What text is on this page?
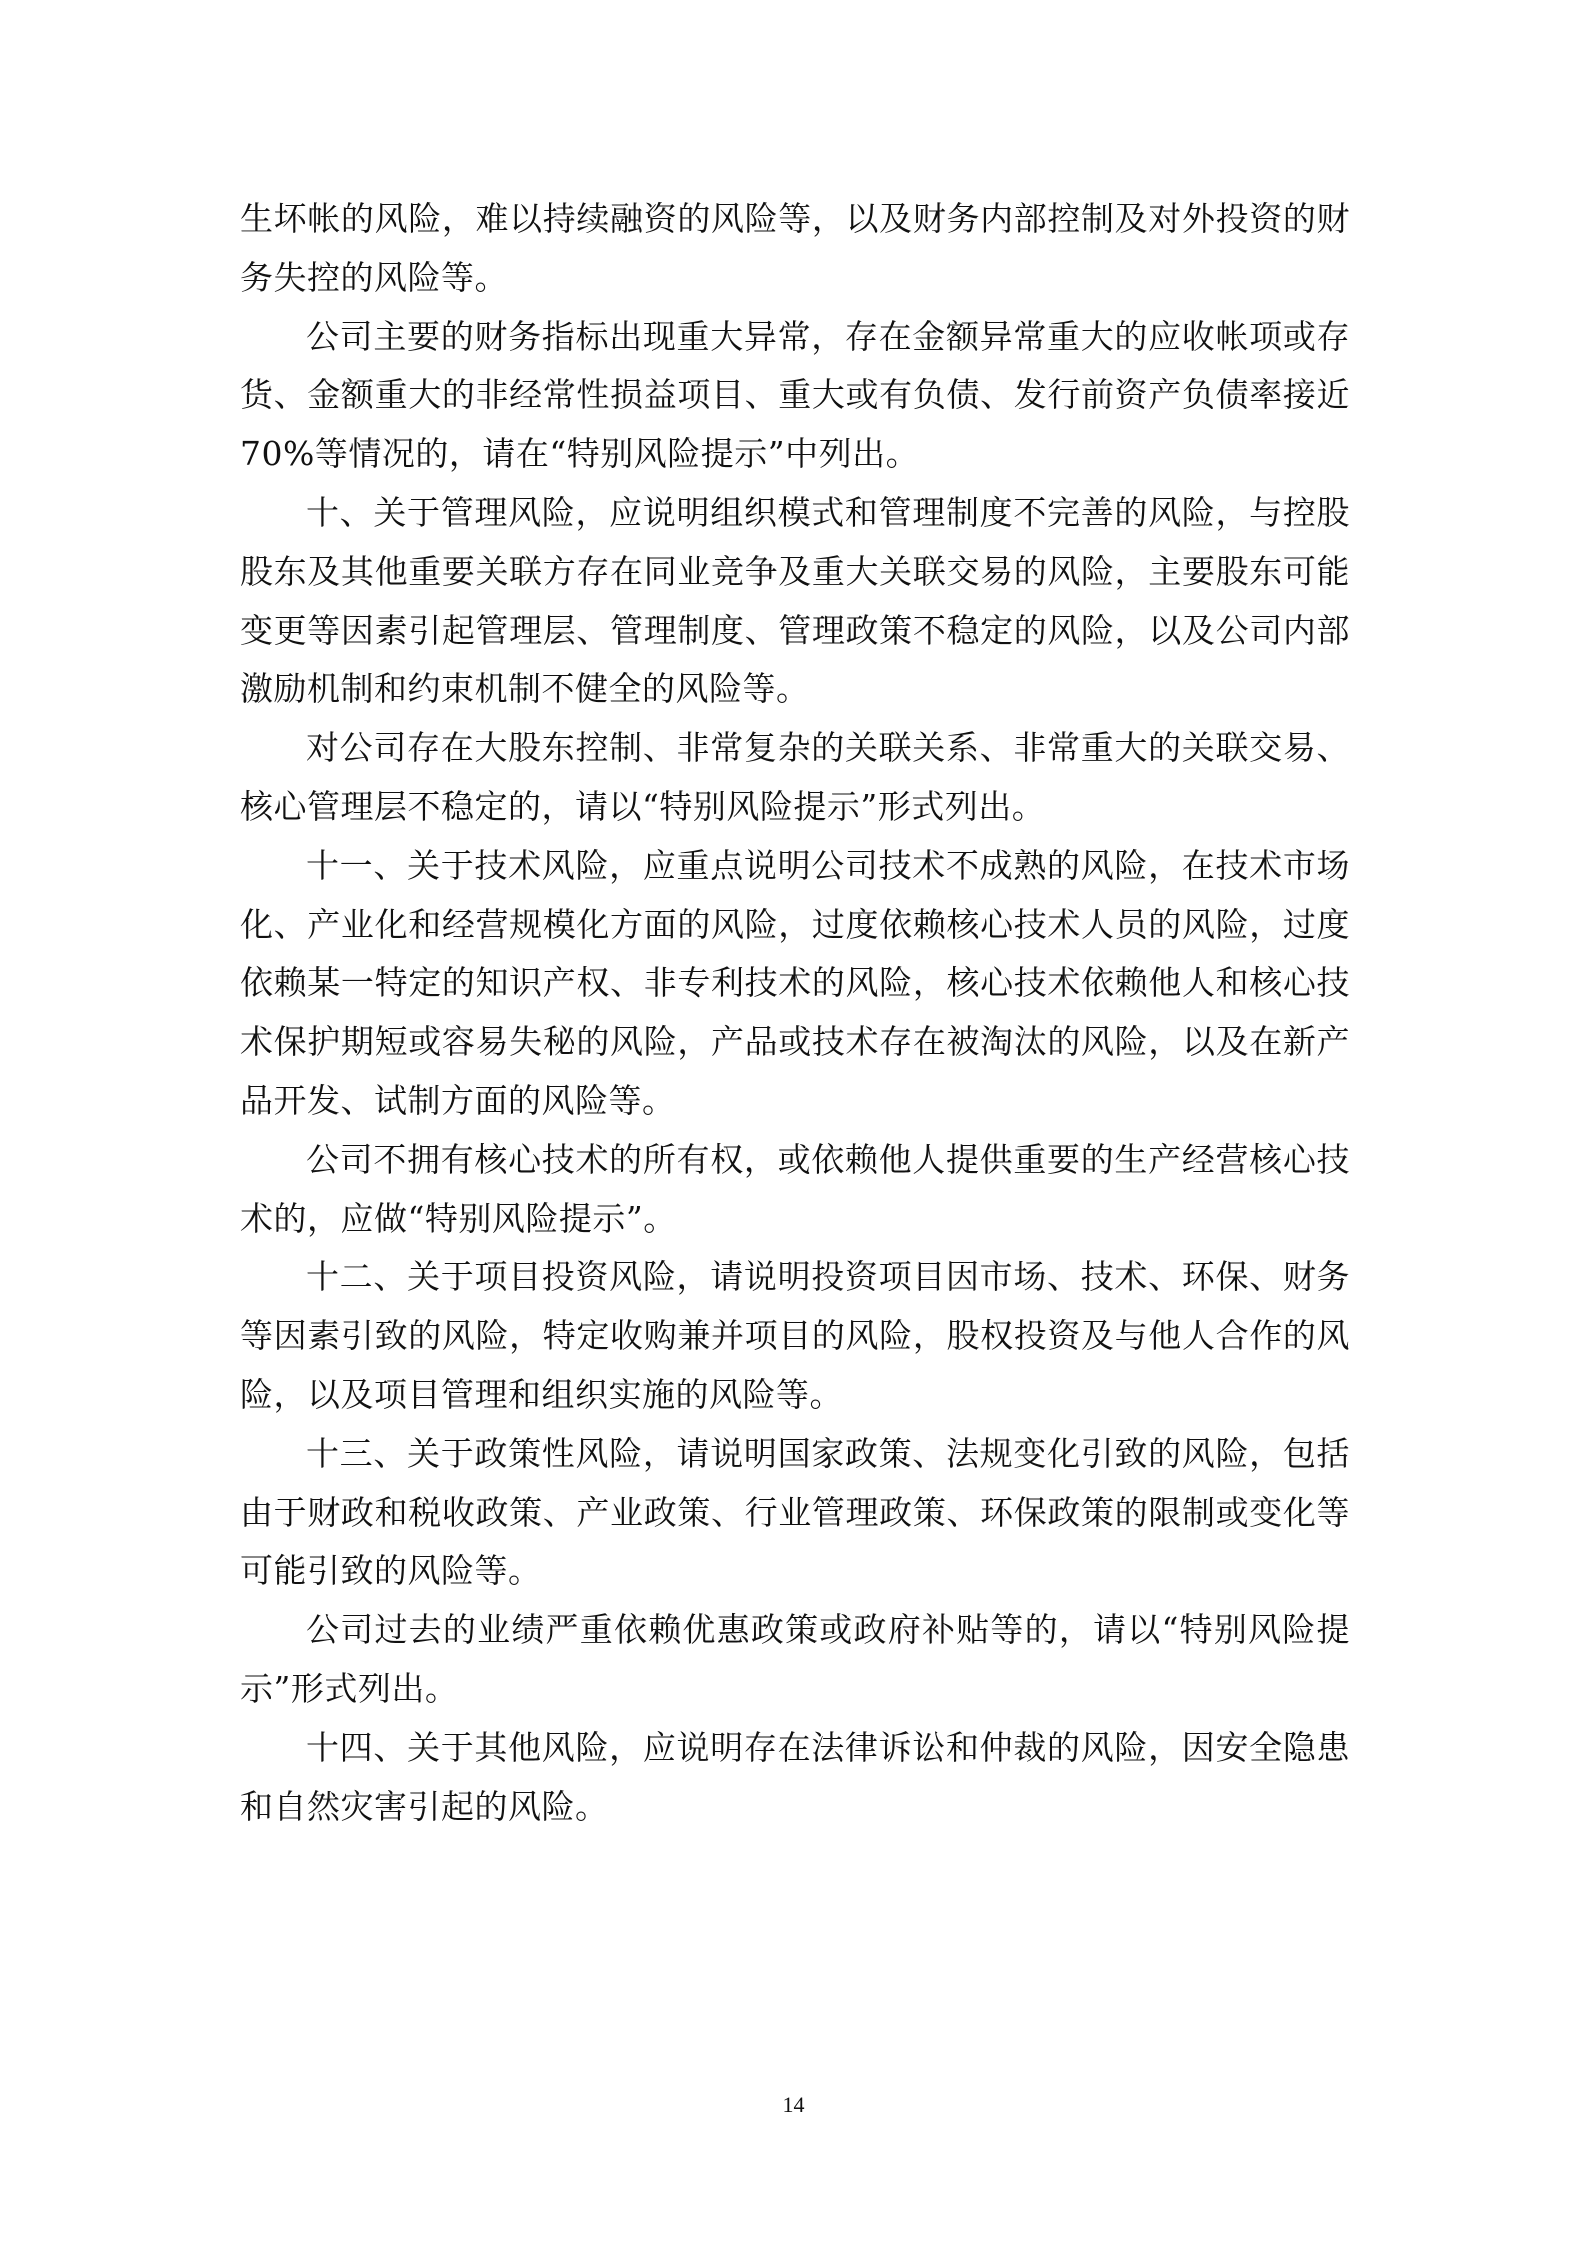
生坏帐的风险，难以持续融资的风险等，以及财务内部控制及对外投资的财务失控的风险等。

公司主要的财务指标出现重大异常，存在金额异常重大的应收帐项或存货、金额重大的非经常性损益项目、重大或有负债、发行前资产负债率接近70%等情况的，请在“特别风险提示”中列出。

十、关于管理风险，应说明组织模式和管理制度不完善的风险，与控股股东及其他重要关联方存在同业竞争及重大关联交易的风险，主要股东可能变更等因素引起管理层、管理制度、管理政策不稳定的风险，以及公司内部激励机制和约束机制不健全的风险等。

对公司存在大股东控制、非常复杂的关联关系、非常重大的关联交易、核心管理层不稳定的，请以“特别风险提示”形式列出。

十一、关于技术风险，应重点说明公司技术不成熟的风险，在技术市场化、产业化和经营规模化方面的风险，过度依赖核心技术人员的风险，过度依赖某一特定的知识产权、非专利技术的风险，核心技术依赖他人和核心技术保护期短或容易失秘的风险，产品或技术存在被淘汰的风险，以及在新产品开发、试制方面的风险等。

公司不拥有核心技术的所有权，或依赖他人提供重要的生产经营核心技术的，应做“特别风险提示”。

十二、关于项目投资风险，请说明投资项目因市场、技术、环保、财务等因素引致的风险，特定收购兼并项目的风险，股权投资及与他人合作的风险，以及项目管理和组织实施的风险等。

十三、关于政策性风险，请说明国家政策、法规变化引致的风险，包括由于财政和税收政策、产业政策、行业管理政策、环保政策的限制或变化等可能引致的风险等。

公司过去的业绩严重依赖优惠政策或政府补贴等的，请以“特别风险提示”形式列出。

十四、关于其他风险，应说明存在法律诉讼和仲裁的风险，因安全隐患和自然灾害引起的风险。

14
